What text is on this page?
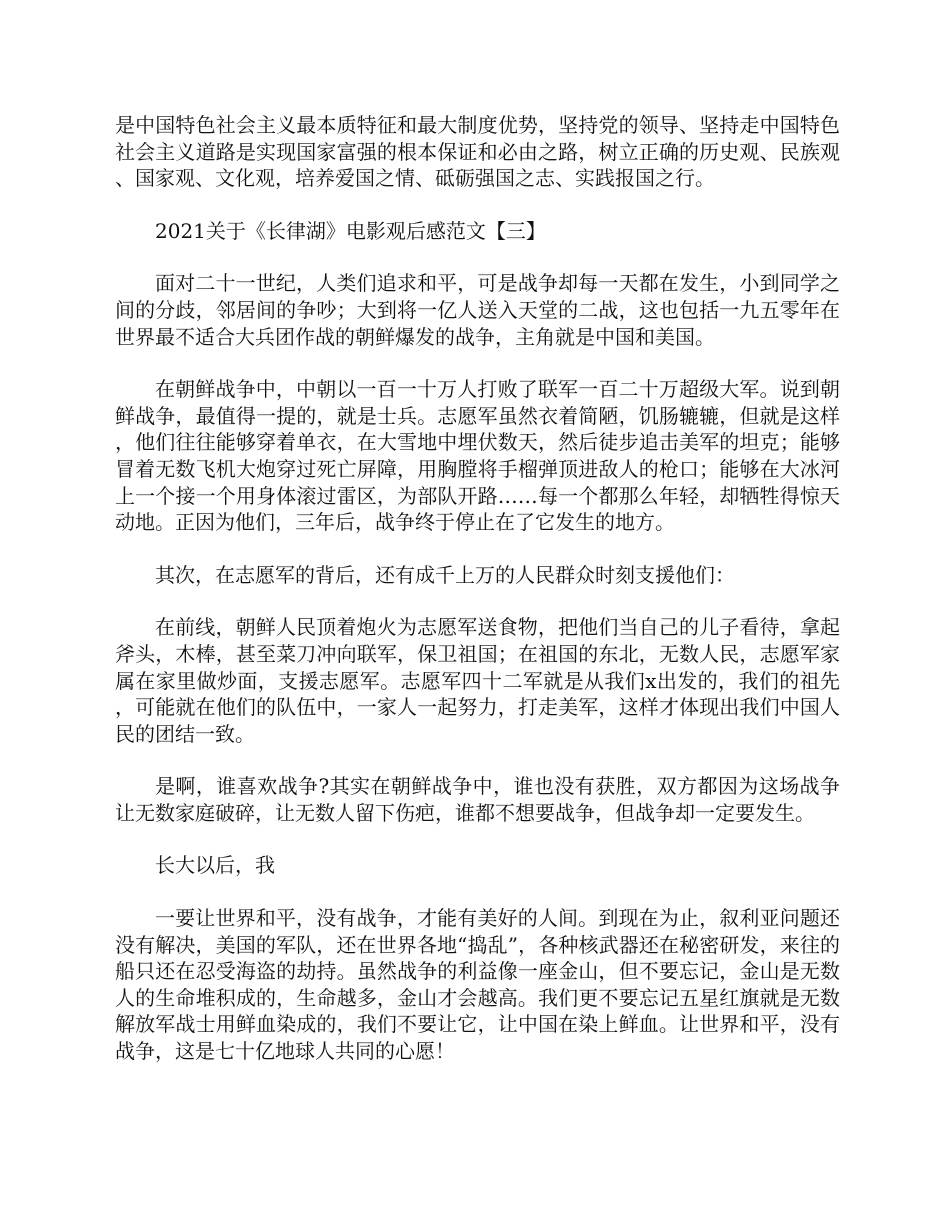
是中国特色社会主义最本质特征和最大制度优势，坚持党的领导、坚持走中国特色社会主义道路是实现国家富强的根本保证和必由之路，树立正确的历史观、民族观、国家观、文化观，培养爱国之情、砥砺强国之志、实践报国之行。

2021关于《长律湖》电影观后感范文【三】

面对二十一世纪，人类们追求和平，可是战争却每一天都在发生，小到同学之间的分歧，邻居间的争吵；大到将一亿人送入天堂的二战，这也包括一九五零年在世界最不适合大兵团作战的朝鲜爆发的战争，主角就是中国和美国。

在朝鲜战争中，中朝以一百一十万人打败了联军一百二十万超级大军。说到朝鲜战争，最值得一提的，就是士兵。志愿军虽然衣着简陋，饥肠辘辘，但就是这样，他们往往能够穿着单衣，在大雪地中埋伏数天，然后徒步追击美军的坦克；能够冒着无数飞机大炮穿过死亡屏障，用胸膛将手榴弹顶进敌人的枪口；能够在大冰河上一个接一个用身体滚过雷区，为部队开路……每一个都那么年轻，却牺牲得惊天动地。正因为他们，三年后，战争终于停止在了它发生的地方。

其次，在志愿军的背后，还有成千上万的人民群众时刻支援他们：

在前线，朝鲜人民顶着炮火为志愿军送食物，把他们当自己的儿子看待，拿起斧头，木棒，甚至菜刀冲向联军，保卫祖国；在祖国的东北，无数人民，志愿军家属在家里做炒面，支援志愿军。志愿军四十二军就是从我们x出发的，我们的祖先，可能就在他们的队伍中，一家人一起努力，打走美军，这样才体现出我们中国人民的团结一致。

是啊，谁喜欢战争?其实在朝鲜战争中，谁也没有获胜，双方都因为这场战争让无数家庭破碎，让无数人留下伤疤，谁都不想要战争，但战争却一定要发生。

长大以后，我

一要让世界和平，没有战争，才能有美好的人间。到现在为止，叙利亚问题还没有解决，美国的军队，还在世界各地“捣乱”，各种核武器还在秘密研发，来往的船只还在忍受海盗的劫持。虽然战争的利益像一座金山，但不要忘记，金山是无数人的生命堆积成的，生命越多，金山才会越高。我们更不要忘记五星红旗就是无数解放军战士用鲜血染成的，我们不要让它，让中国在染上鲜血。让世界和平，没有战争，这是七十亿地球人共同的心愿！
